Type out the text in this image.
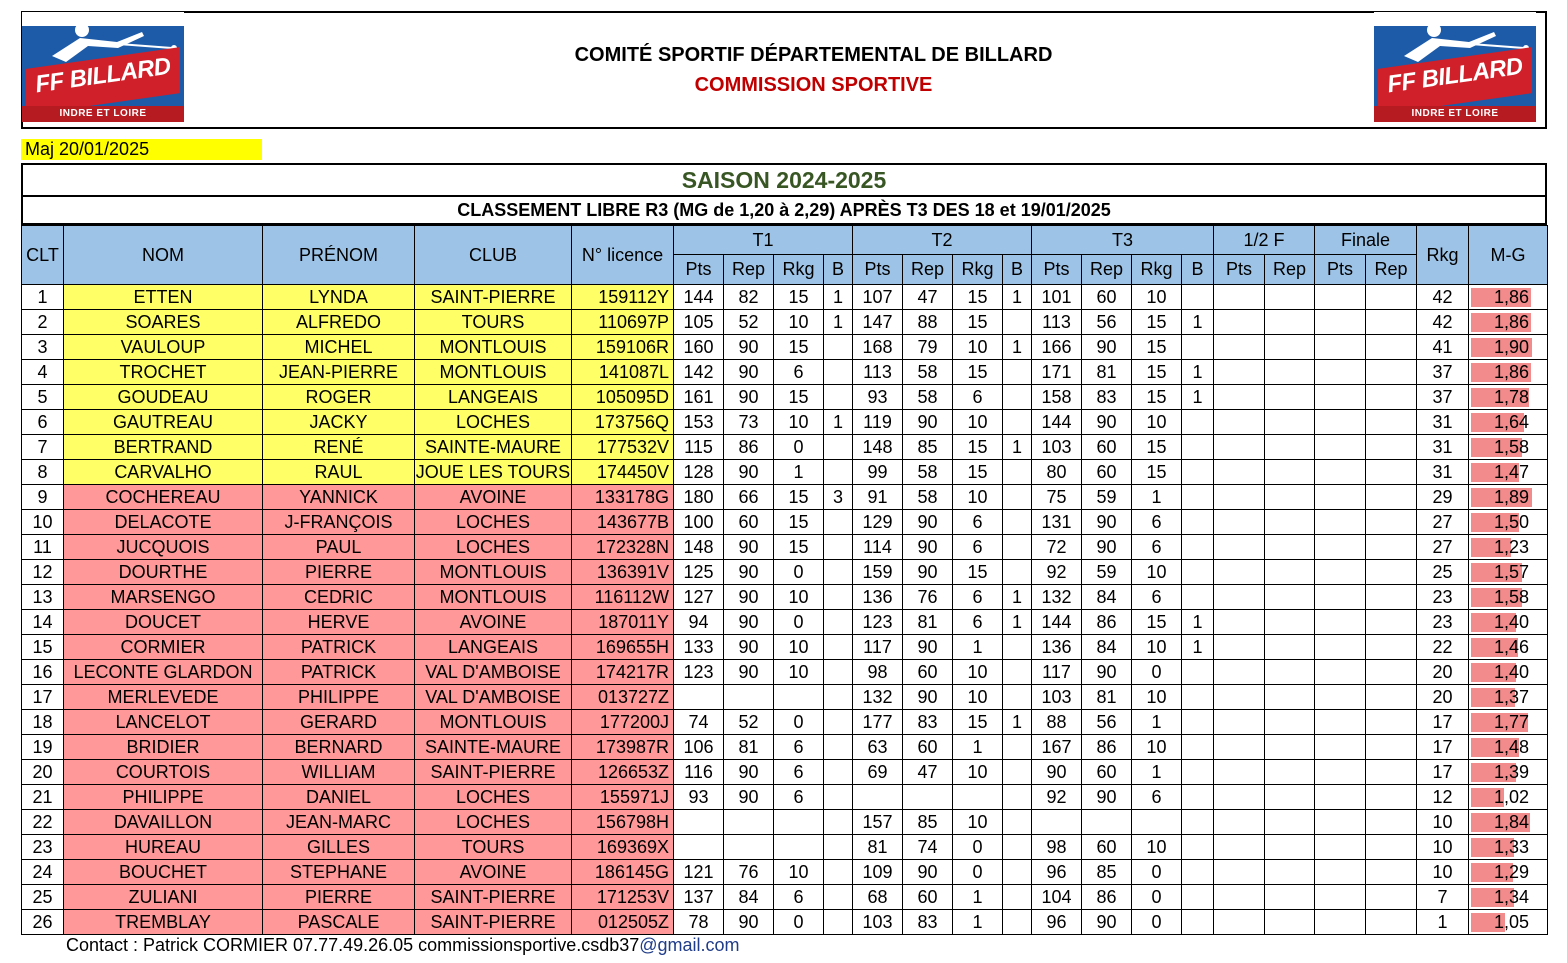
FF BILLARD
INDRE ET LOIRE
FF BILLARD
INDRE ET LOIRE
COMITÉ SPORTIF DÉPARTEMENTAL DE BILLARD
COMMISSION SPORTIVE
Maj 20/01/2025
SAISON 2024-2025
CLASSEMENT LIBRE R3 (MG de 1,20 à 2,29) APRÈS T3 DES 18 et 19/01/2025
CLT	NOM	PRÉNOM	CLUB	N° licence	T1				T2				T3				1/2 F		Finale		Rkg	M-G
					Pts	Rep	Rkg	B	Pts	Rep	Rkg	B	Pts	Rep	Rkg	B	Pts	Rep	Pts	Rep		
1	ETTEN	LYNDA	SAINT-PIERRE	159112Y	144	82	15	1	107	47	15	1	101	60	10						42	1,86

2	SOARES	ALFREDO	TOURS	110697P	105	52	10	1	147	88	15		113	56	15	1					42	1,86

3	VAULOUP	MICHEL	MONTLOUIS	159106R	160	90	15		168	79	10	1	166	90	15						41	1,90

4	TROCHET	JEAN-PIERRE	MONTLOUIS	141087L	142	90	6		113	58	15		171	81	15	1					37	1,86

5	GOUDEAU	ROGER	LANGEAIS	105095D	161	90	15		93	58	6		158	83	15	1					37	1,78

6	GAUTREAU	JACKY	LOCHES	173756Q	153	73	10	1	119	90	10		144	90	10						31	1,64

7	BERTRAND	RENÉ	SAINTE-MAURE	177532V	115	86	0		148	85	15	1	103	60	15						31	1,58

8	CARVALHO	RAUL	JOUE LES TOURS	174450V	128	90	1		99	58	15		80	60	15						31	1,47

9	COCHEREAU	YANNICK	AVOINE	133178G	180	66	15	3	91	58	10		75	59	1						29	1,89

10	DELACOTE	J-FRANÇOIS	LOCHES	143677B	100	60	15		129	90	6		131	90	6						27	1,50

11	JUCQUOIS	PAUL	LOCHES	172328N	148	90	15		114	90	6		72	90	6						27	1,23

12	DOURTHE	PIERRE	MONTLOUIS	136391V	125	90	0		159	90	15		92	59	10						25	1,57

13	MARSENGO	CEDRIC	MONTLOUIS	116112W	127	90	10		136	76	6	1	132	84	6						23	1,58

14	DOUCET	HERVE	AVOINE	187011Y	94	90	0		123	81	6	1	144	86	15	1					23	1,40

15	CORMIER	PATRICK	LANGEAIS	169655H	133	90	10		117	90	1		136	84	10	1					22	1,46

16	LECONTE GLARDON	PATRICK	VAL D'AMBOISE	174217R	123	90	10		98	60	10		117	90	0						20	1,40

17	MERLEVEDE	PHILIPPE	VAL D'AMBOISE	013727Z					132	90	10		103	81	10						20	1,37

18	LANCELOT	GERARD	MONTLOUIS	177200J	74	52	0		177	83	15	1	88	56	1						17	1,77

19	BRIDIER	BERNARD	SAINTE-MAURE	173987R	106	81	6		63	60	1		167	86	10						17	1,48

20	COURTOIS	WILLIAM	SAINT-PIERRE	126653Z	116	90	6		69	47	10		90	60	1						17	1,39

21	PHILIPPE	DANIEL	LOCHES	155971J	93	90	6						92	90	6						12	1,02

22	DAVAILLON	JEAN-MARC	LOCHES	156798H					157	85	10										10	1,84

23	HUREAU	GILLES	TOURS	169369X					81	74	0		98	60	10						10	1,33

24	BOUCHET	STEPHANE	AVOINE	186145G	121	76	10		109	90	0		96	85	0						10	1,29

25	ZULIANI	PIERRE	SAINT-PIERRE	171253V	137	84	6		68	60	1		104	86	0						7	1,34

26	TREMBLAY	PASCALE	SAINT-PIERRE	012505Z	78	90	0		103	83	1		96	90	0						1	1,05
Contact : Patrick CORMIER 07.77.49.26.05 commissionsportive.csdb37@gmail.com
